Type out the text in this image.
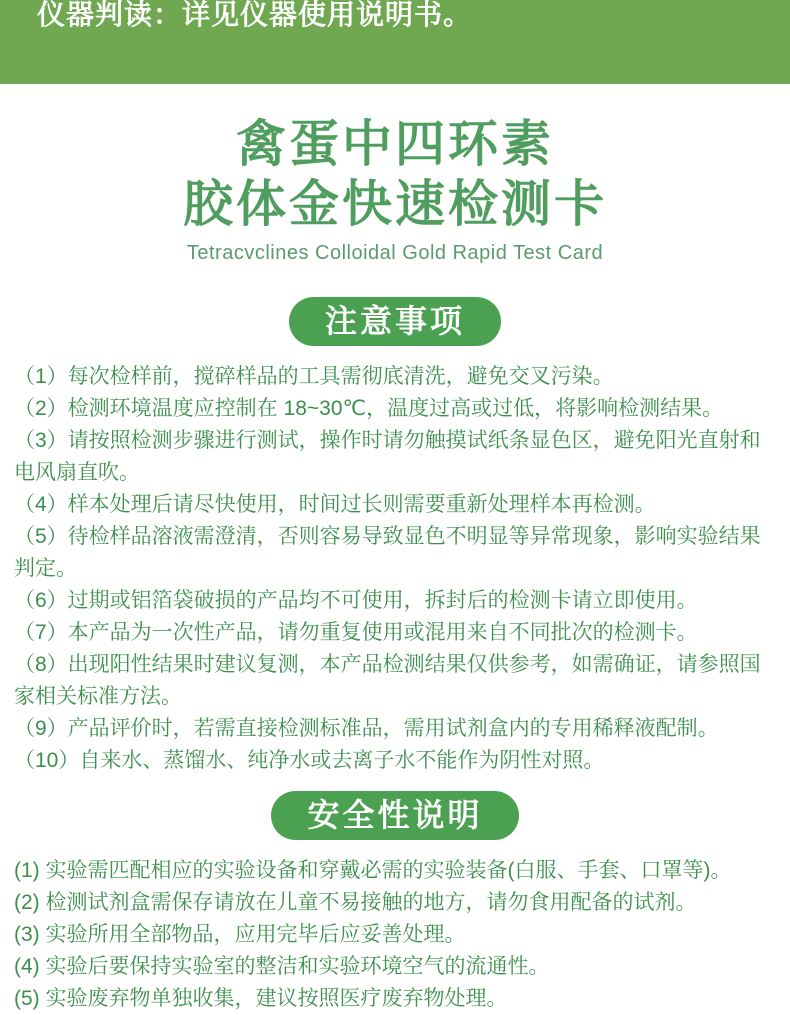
仪器判读：详见仪器使用说明书。
禽蛋中四环素
胶体金快速检测卡
Tetracvclines Colloidal Gold Rapid Test Card
注意事项

（1）每次检样前，搅碎样品的工具需彻底清洗，避免交叉污染。

（2）检测环境温度应控制在 18~30℃，温度过高或过低，将影响检测结果。

（3）请按照检测步骤进行测试，操作时请勿触摸试纸条显色区，避免阳光直射和电风扇直吹。

（4）样本处理后请尽快使用，时间过长则需要重新处理样本再检测。

（5）待检样品溶液需澄清，否则容易导致显色不明显等异常现象，影响实验结果判定。

（6）过期或铝箔袋破损的产品均不可使用，拆封后的检测卡请立即使用。

（7）本产品为一次性产品，请勿重复使用或混用来自不同批次的检测卡。

（8）出现阳性结果时建议复测，本产品检测结果仅供参考，如需确证，请参照国家相关标准方法。

（9）产品评价时，若需直接检测标准品，需用试剂盒内的专用稀释液配制。

（10）自来水、蒸馏水、纯净水或去离子水不能作为阴性对照。

安全性说明

(1) 实验需匹配相应的实验设备和穿戴必需的实验装备(白服、手套、口罩等)。

(2) 检测试剂盒需保存请放在儿童不易接触的地方，请勿食用配备的试剂。

(3) 实验所用全部物品，应用完毕后应妥善处理。

(4) 实验后要保持实验室的整洁和实验环境空气的流通性。

(5) 实验废弃物单独收集，建议按照医疗废弃物处理。
